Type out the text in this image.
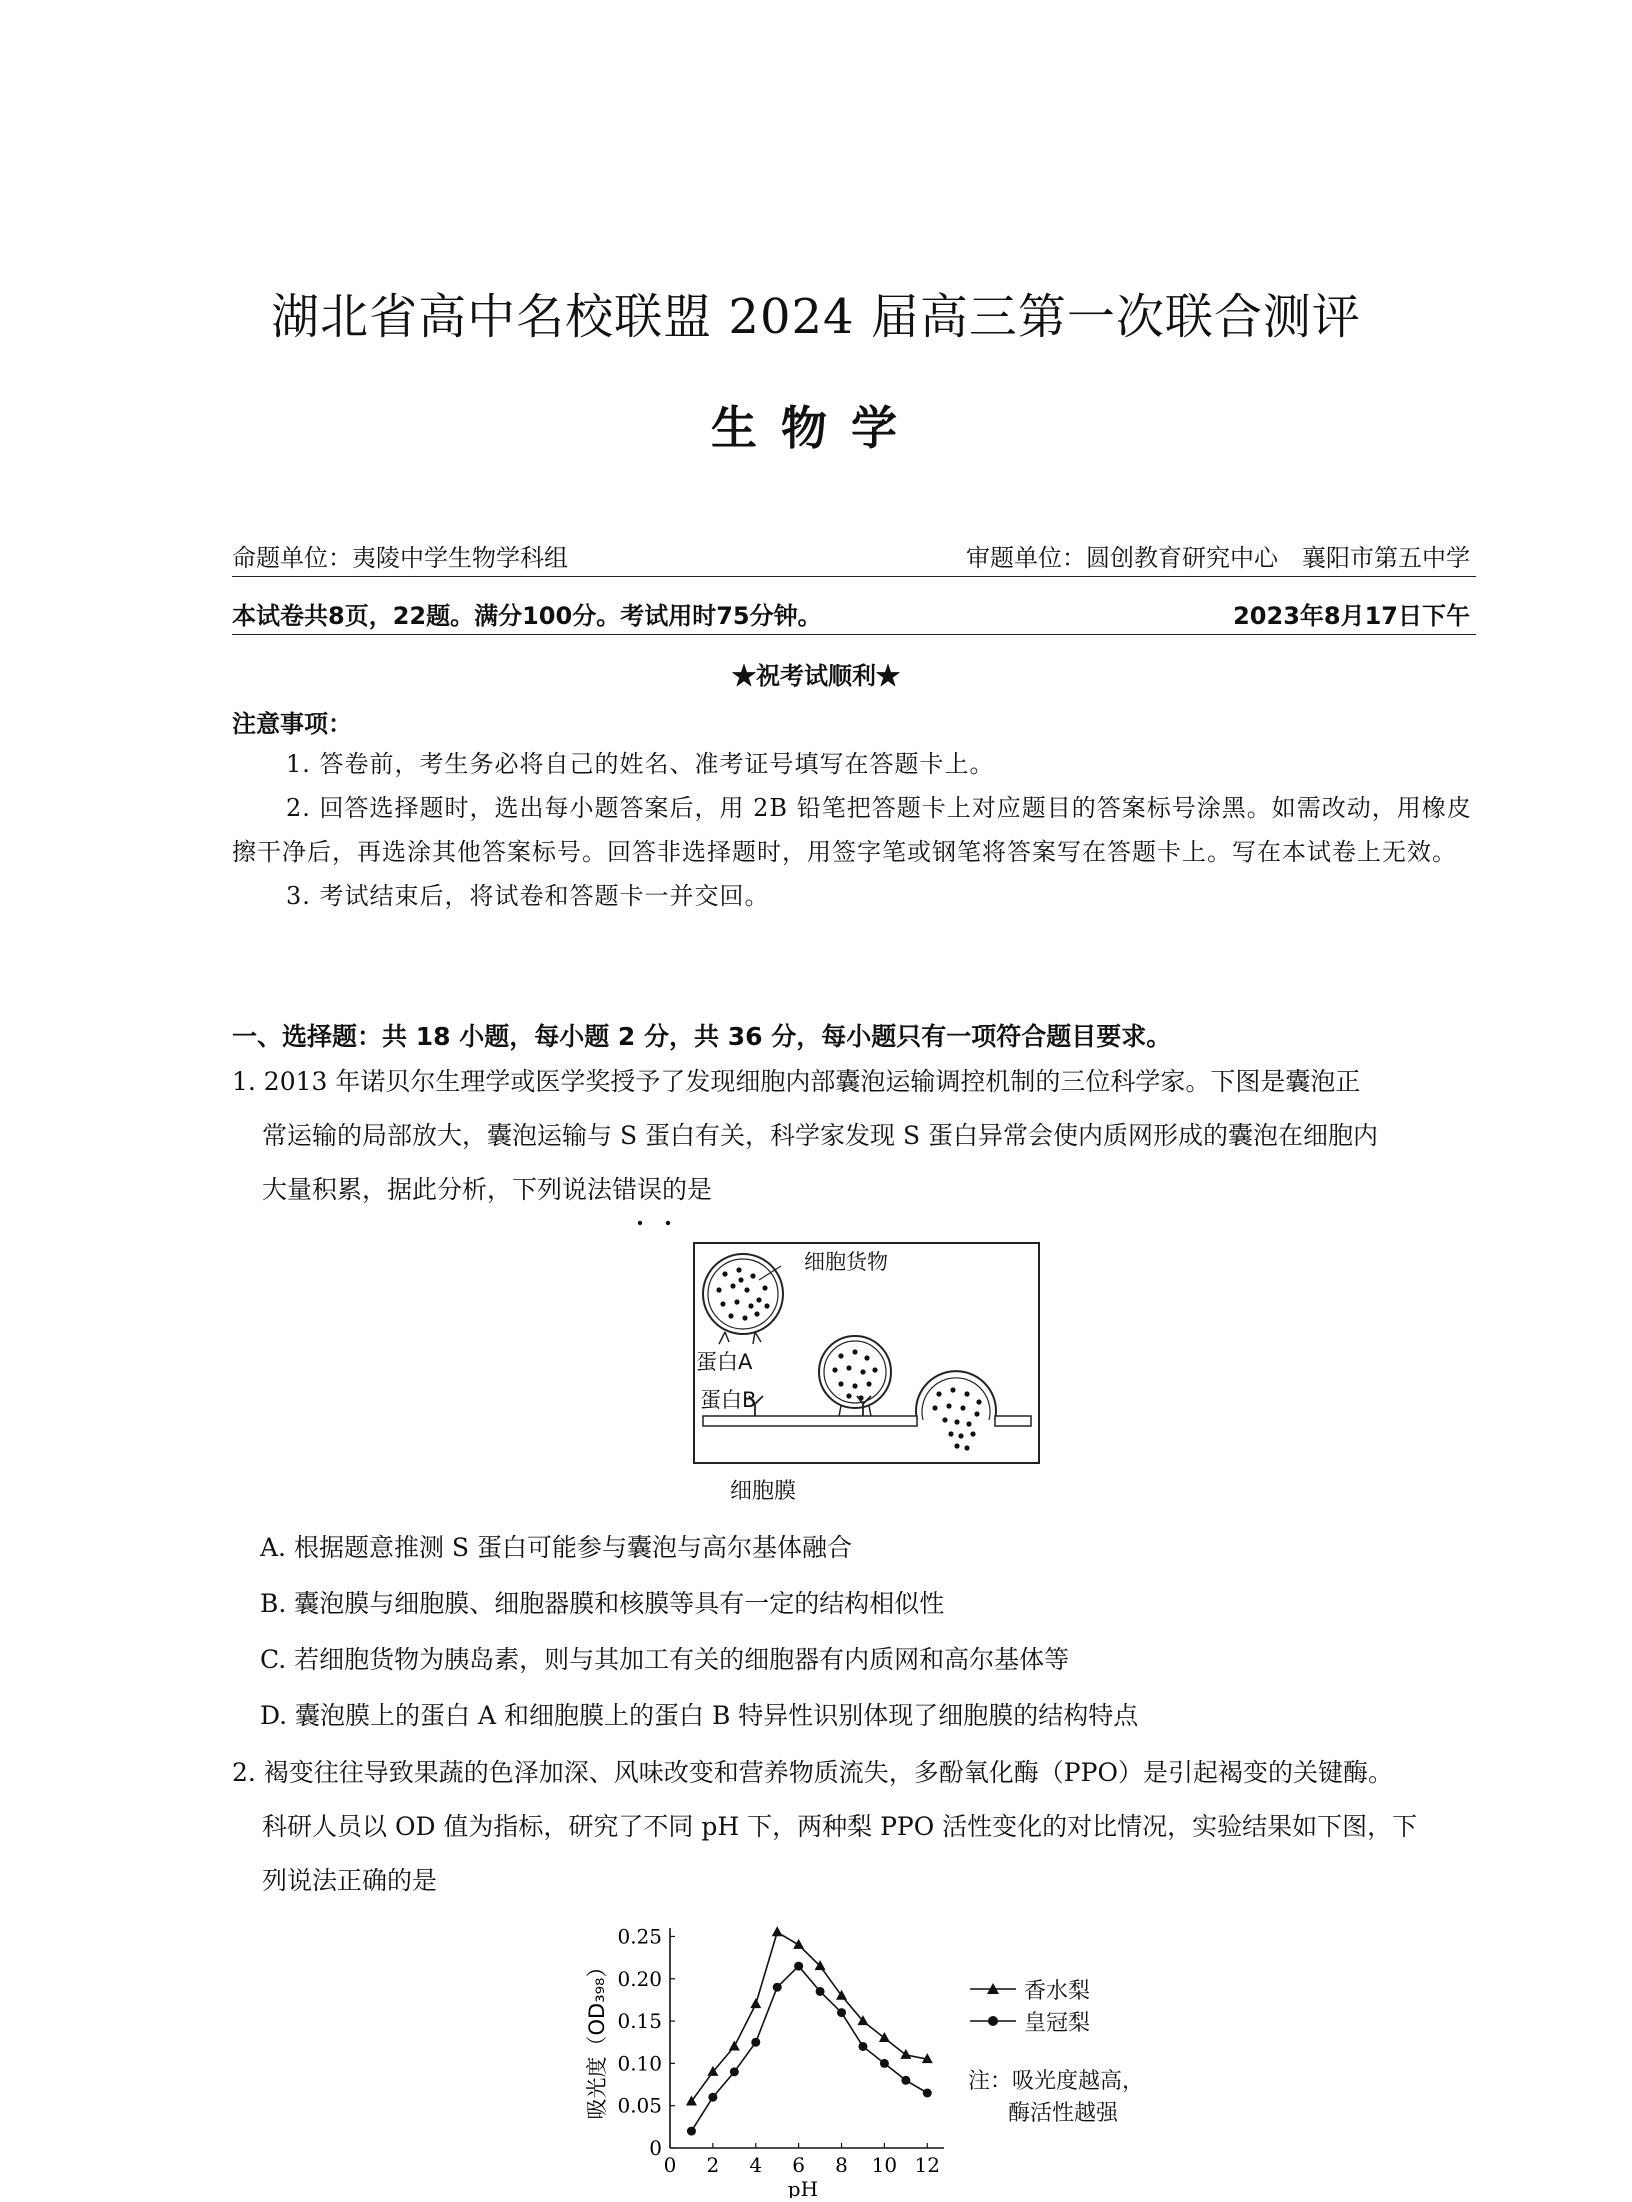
湖北省高中名校联盟 2024 届高三第一次联合测评
生物学
命题单位：夷陵中学生物学科组	审题单位：圆创教育研究中心　襄阳市第五中学
本试卷共8页，22题。满分100分。考试用时75分钟。	2023年8月17日下午
★祝考试顺利★
注意事项：

1. 答卷前，考生务必将自己的姓名、准考证号填写在答题卡上。

2. 回答选择题时，选出每小题答案后，用 2B 铅笔把答题卡上对应题目的答案标号涂黑。如需改动，用橡皮擦干净后，再选涂其他答案标号。回答非选择题时，用签字笔或钢笔将答案写在答题卡上。写在本试卷上无效。

3. 考试结束后，将试卷和答题卡一并交回。

一、选择题：共 18 小题，每小题 2 分，共 36 分，每小题只有一项符合题目要求。
1. 2013 年诺贝尔生理学或医学奖授予了发现细胞内部囊泡运输调控机制的三位科学家。下图是囊泡正
常运输的局部放大，囊泡运输与 S 蛋白有关，科学家发现 S 蛋白异常会使内质网形成的囊泡在细胞内
大量积累，据此分析，下列说法错误的是
细胞货物
蛋白A
蛋白B
细胞膜
A. 根据题意推测 S 蛋白可能参与囊泡与高尔基体融合
B. 囊泡膜与细胞膜、细胞器膜和核膜等具有一定的结构相似性
C. 若细胞货物为胰岛素，则与其加工有关的细胞器有内质网和高尔基体等
D. 囊泡膜上的蛋白 A 和细胞膜上的蛋白 B 特异性识别体现了细胞膜的结构特点
2. 褐变往往导致果蔬的色泽加深、风味改变和营养物质流失，多酚氧化酶（PPO）是引起褐变的关键酶。
科研人员以 OD 值为指标，研究了不同 pH 下，两种梨 PPO 活性变化的对比情况，实验结果如下图，下
列说法正确的是
0 2 4 6 8 10 12
0
0.05
0.10
0.15
0.20
0.25
吸光度（OD₃₉₈）
pH
香水梨
皇冠梨
注：吸光度越高，
酶活性越强
